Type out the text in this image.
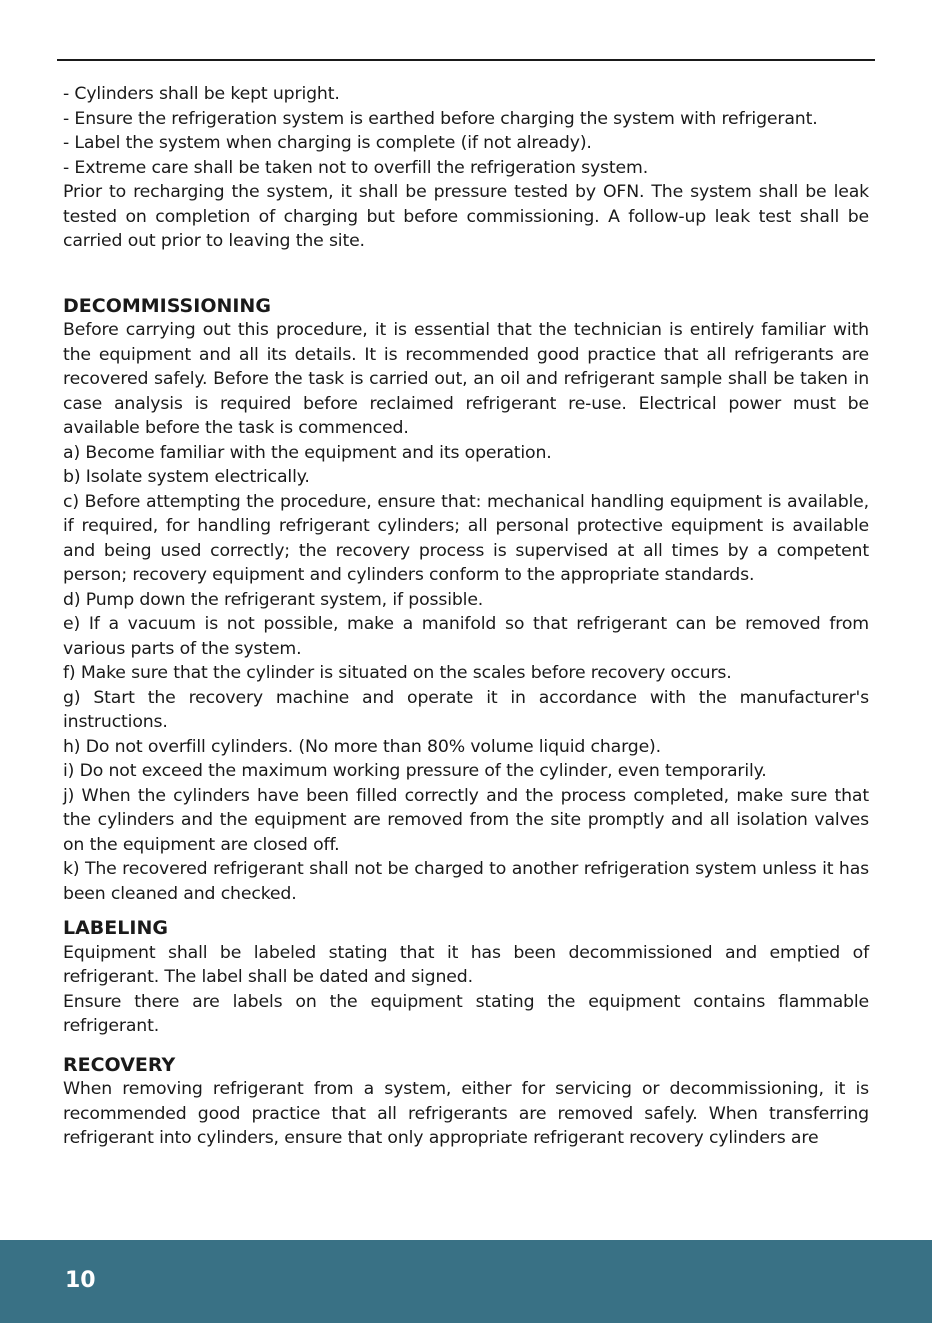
- Cylinders shall be kept upright.

- Ensure the refrigeration system is earthed before charging the system with refrigerant.

- Label the system when charging is complete (if not already).

- Extreme care shall be taken not to overfill the refrigeration system.

Prior to recharging the system, it shall be pressure tested by OFN. The system shall be leak tested on completion of charging but before commissioning. A follow-up leak test shall be carried out prior to leaving the site.

DECOMMISSIONING

Before carrying out this procedure, it is essential that the technician is entirely familiar with the equipment and all its details. It is recommended good practice that all refrigerants are recovered safely. Before the task is carried out, an oil and refrigerant sample shall be taken in case analysis is required before reclaimed refrigerant re-use. Electrical power must be available before the task is commenced.

a) Become familiar with the equipment and its operation.

b) Isolate system electrically.

c) Before attempting the procedure, ensure that: mechanical handling equipment is available, if required, for handling refrigerant cylinders; all personal protective equipment is available and being used correctly; the recovery process is supervised at all times by a competent person; recovery equipment and cylinders conform to the appropriate standards.

d) Pump down the refrigerant system, if possible.

e) If a vacuum is not possible, make a manifold so that refrigerant can be removed from various parts of the system.

f) Make sure that the cylinder is situated on the scales before recovery occurs.

g) Start the recovery machine and operate it in accordance with the manufacturer's instructions.

h) Do not overfill cylinders. (No more than 80% volume liquid charge).

i) Do not exceed the maximum working pressure of the cylinder, even temporarily.

j) When the cylinders have been filled correctly and the process completed, make sure that the cylinders and the equipment are removed from the site promptly and all isolation valves on the equipment are closed off.

k) The recovered refrigerant shall not be charged to another refrigeration system unless it has been cleaned and checked.

LABELING

Equipment shall be labeled stating that it has been decommissioned and emptied of refrigerant. The label shall be dated and signed.

Ensure there are labels on the equipment stating the equipment contains flammable refrigerant.

RECOVERY

When removing refrigerant from a system, either for servicing or decommissioning, it is recommended good practice that all refrigerants are removed safely. When transferring refrigerant into cylinders, ensure that only appropriate refrigerant recovery cylinders are

10
